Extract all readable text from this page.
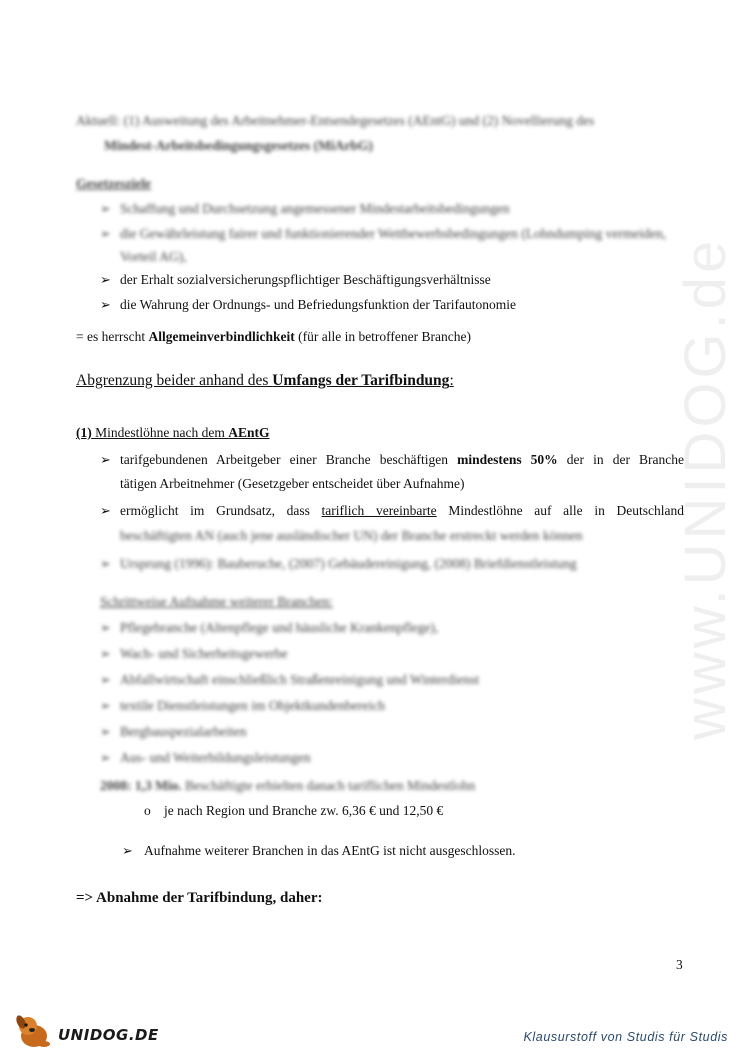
www.UNIDOG.de
Aktuell: (1) Ausweitung des Arbeitnehmer-Entsendegesetzes (AEntG) und (2) Novellierung des
Mindest-Arbeitsbedingungsgesetzes (MiArbG)
Gesetzesziele
➢ Schaffung und Durchsetzung angemessener Mindestarbeitsbedingungen
➢ die Gewährleistung fairer und funktionierender Wettbewerbsbedingungen (Lohndumping vermeiden,
Vorteil AG),
➢ der Erhalt sozialversicherungspflichtiger Beschäftigungsverhältnisse
➢ die Wahrung der Ordnungs- und Befriedungsfunktion der Tarifautonomie
= es herrscht Allgemeinverbindlichkeit (für alle in betroffener Branche)
Abgrenzung beider anhand des Umfangs der Tarifbindung:
(1) Mindestlöhne nach dem AEntG
➢ tarifgebundenen Arbeitgeber einer Branche beschäftigen mindestens 50% der in der Branche
tätigen Arbeitnehmer (Gesetzgeber entscheidet über Aufnahme)
➢ ermöglicht im Grundsatz, dass tariflich vereinbarte Mindestlöhne auf alle in Deutschland
beschäftigten AN (auch jene ausländischer UN) der Branche erstreckt werden können
➢ Ursprung (1996): Bauberuche, (2007) Gebäudereinigung, (2008) Briefdienstleistung
Schrittweise Aufnahme weiterer Branchen:
➢ Pflegebranche (Altenpflege und häusliche Krankenpflege),
➢ Wach- und Sicherheitsgewerbe
➢ Abfallwirtschaft einschließlich Straßenreinigung und Winterdienst
➢ textile Dienstleistungen im Objektkundenbereich
➢ Bergbauspezialarbeiten
➢ Aus- und Weiterbildungsleistungen
2008: 1,3 Mio. Beschäftigte erhielten danach tariflichen Mindestlohn
o je nach Region und Branche zw. 6,36 € und 12,50 €
➢ Aufnahme weiterer Branchen in das AEntG ist nicht ausgeschlossen.
=> Abnahme der Tarifbindung, daher:
3
UNIDOG.DE	Klausurstoff von Studis für Studis
